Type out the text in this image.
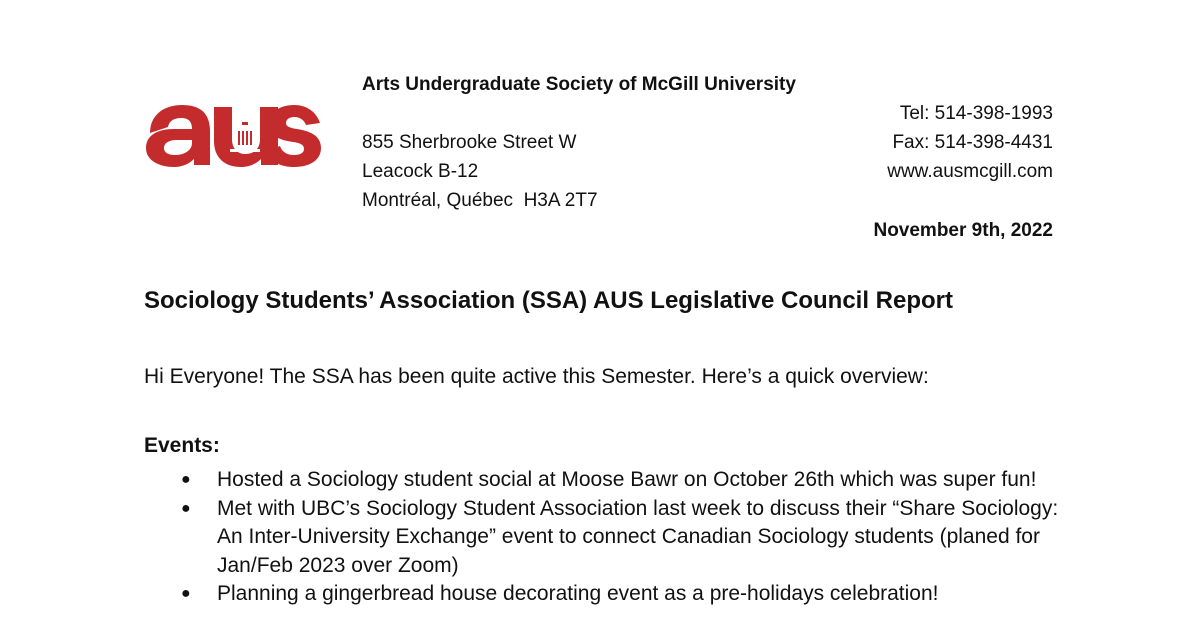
aus	Arts Undergraduate Society of McGill University

855 Sherbrooke Street W

Leacock B-12

Montréal, Québec  H3A 2T7

Tel: 514-398-1993

Fax: 514-398-4431

www.ausmcgill.com

November 9th, 2022
Sociology Students’ Association (SSA) AUS Legislative Council Report

Hi Everyone! The SSA has been quite active this Semester. Here’s a quick overview:

Events:

● Hosted a Sociology student social at Moose Bawr on October 26th which was super fun!
● Met with UBC’s Sociology Student Association last week to discuss their “Share Sociology: An Inter-University Exchange” event to connect Canadian Sociology students (planed for Jan/Feb 2023 over Zoom)
● Planning a gingerbread house decorating event as a pre-holidays celebration!
